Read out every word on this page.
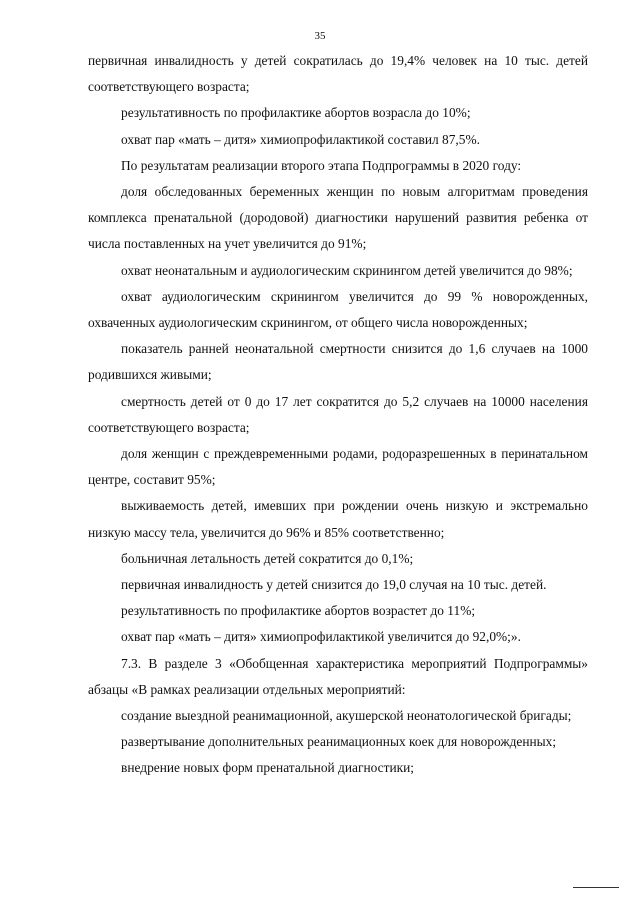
35

первичная инвалидность у детей сократилась до 19,4% человек на 10 тыс. детей соответствующего возраста;

результативность по профилактике абортов возрасла до 10%;

охват пар «мать – дитя» химиопрофилактикой составил 87,5%.

По результатам реализации второго этапа Подпрограммы в 2020 году:

доля обследованных беременных женщин по новым алгоритмам проведения комплекса пренатальной (дородовой) диагностики нарушений развития ребенка от числа поставленных на учет увеличится до 91%;

охват неонатальным и аудиологическим скринингом детей увеличится до 98%;

охват аудиологическим скринингом увеличится до 99 % новорожденных, охваченных аудиологическим скринингом, от общего числа новорожденных;

показатель ранней неонатальной смертности снизится до 1,6 случаев на 1000 родившихся живыми;

смертность детей от 0 до 17 лет сократится до 5,2 случаев на 10000 населения соответствующего возраста;

доля женщин с преждевременными родами, родоразрешенных в перинатальном центре, составит 95%;

выживаемость детей, имевших при рождении очень низкую и экстремально низкую массу тела, увеличится до 96% и 85% соответственно;

больничная летальность детей сократится до 0,1%;

первичная инвалидность у детей снизится до 19,0 случая на 10 тыс. детей.

результативность по профилактике абортов возрастет до 11%;

охват пар «мать – дитя» химиопрофилактикой увеличится до 92,0%;».

7.3. В разделе 3 «Обобщенная характеристика мероприятий Подпрограммы» абзацы «В рамках реализации отдельных мероприятий:

создание выездной реанимационной, акушерской неонатологической бригады;

развертывание дополнительных реанимационных коек для новорожденных;

внедрение новых форм пренатальной диагностики;
